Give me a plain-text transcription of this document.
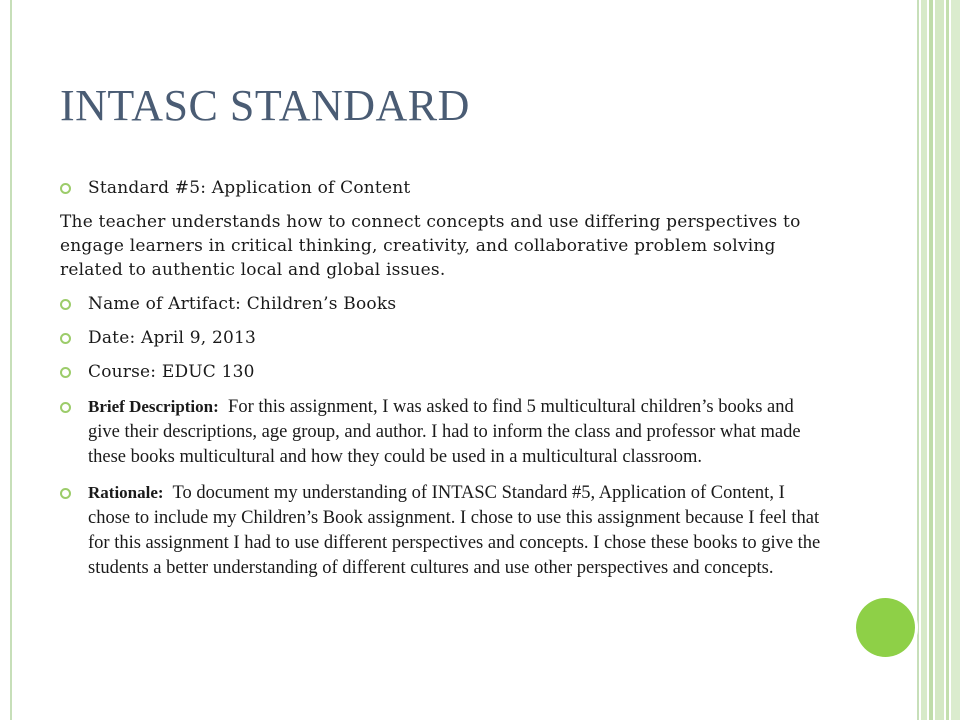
INTASC STANDARD
Standard #5: Application of Content
The teacher understands how to connect concepts and use differing perspectives to engage learners in critical thinking, creativity, and collaborative problem solving related to authentic local and global issues.
Name of Artifact: Children’s Books
Date: April 9, 2013
Course: EDUC 130
Brief Description: For this assignment, I was asked to find 5 multicultural children’s books and give their descriptions, age group, and author. I had to inform the class and professor what made these books multicultural and how they could be used in a multicultural classroom.
Rationale: To document my understanding of INTASC Standard #5, Application of Content, I chose to include my Children’s Book assignment. I chose to use this assignment because I feel that for this assignment I had to use different perspectives and concepts. I chose these books to give the students a better understanding of different cultures and use other perspectives and concepts.
